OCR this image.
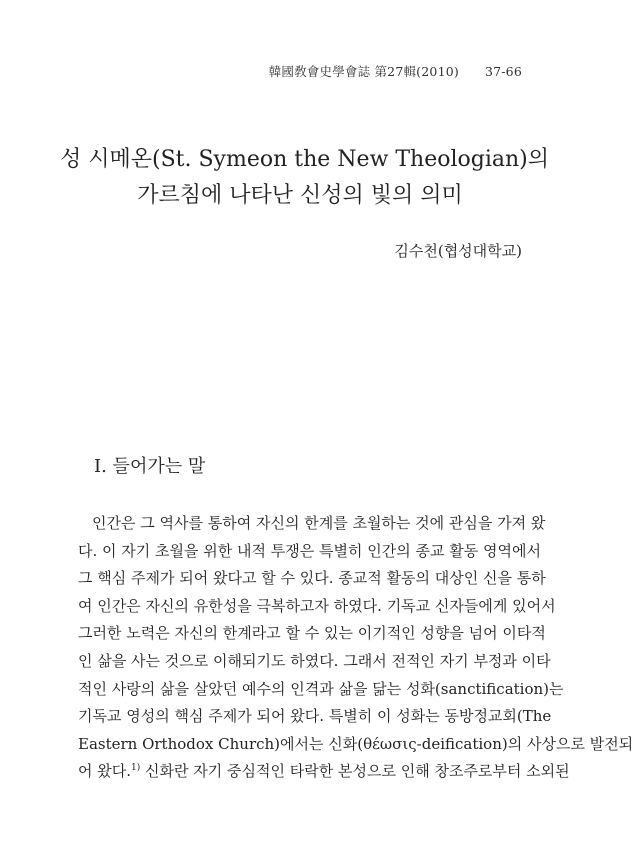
韓國敎會史學會誌 第27輯(2010) 37-66
성 시메온(St. Symeon the New Theologian)의
가르침에 나타난 신성의 빛의 의미
김수천(협성대학교)
Ⅰ. 들어가는 말
인간은 그 역사를 통하여 자신의 한계를 초월하는 것에 관심을 가져 왔
다. 이 자기 초월을 위한 내적 투쟁은 특별히 인간의 종교 활동 영역에서
그 핵심 주제가 되어 왔다고 할 수 있다. 종교적 활동의 대상인 신을 통하
여 인간은 자신의 유한성을 극복하고자 하였다. 기독교 신자들에게 있어서
그러한 노력은 자신의 한계라고 할 수 있는 이기적인 성향을 넘어 이타적
인 삶을 사는 것으로 이해되기도 하였다. 그래서 전적인 자기 부정과 이타
적인 사랑의 삶을 살았던 예수의 인격과 삶을 닮는 성화(sanctification)는
기독교 영성의 핵심 주제가 되어 왔다. 특별히 이 성화는 동방정교회(The
Eastern Orthodox Church)에서는 신화(θέωσις-deification)의 사상으로 발전되
어 왔다.$^{1)}$ 신화란 자기 중심적인 타락한 본성으로 인해 창조주로부터 소외된
